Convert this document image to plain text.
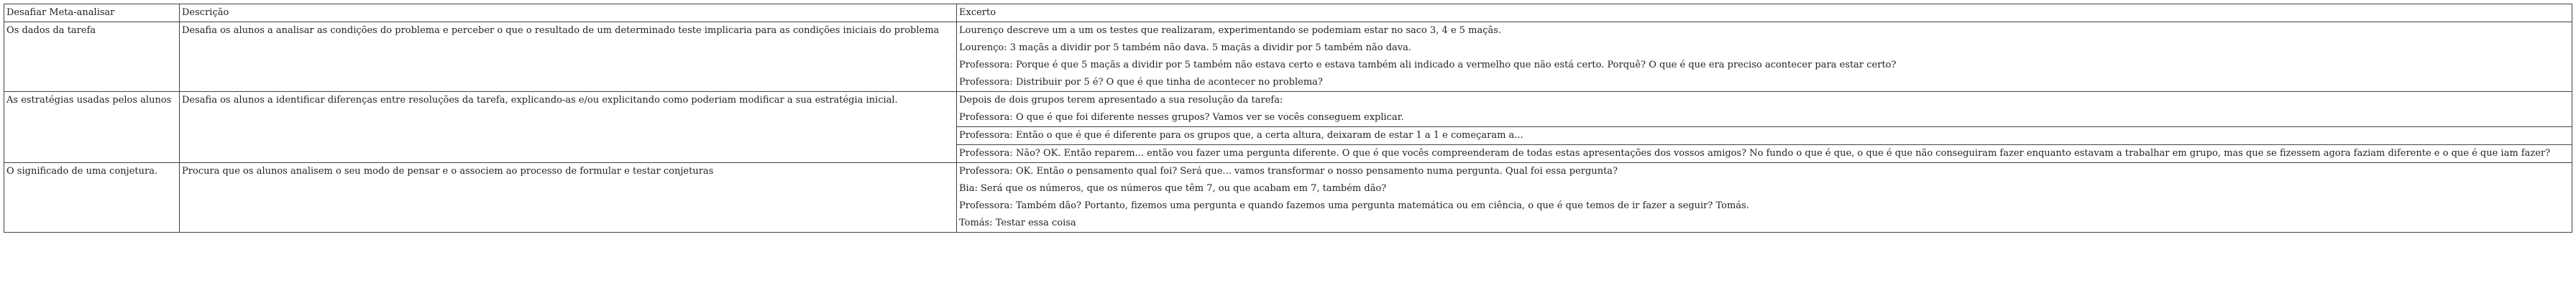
Desafiar Meta-analisar	Descrição	Excerto
Os dados da tarefa	Desafia os alunos a analisar as condições do problema e perceber o que o resultado de um determinado teste implicaria para as condições iniciais do problema	Lourenço descreve um a um os testes que realizaram, experimentando se podemiam estar no saco 3, 4 e 5 maçãs.
		Lourenço: 3 maçãs a dividir por 5 também não dava. 5 maçãs a dividir por 5 também não dava.
		Professora: Porque é que 5 maçãs a dividir por 5 também não estava certo e estava também ali indicado a vermelho que não está certo. Porquê? O que é que era preciso acontecer para estar certo?
		Professora: Distribuir por 5 é? O que é que tinha de acontecer no problema?
As estratégias usadas pelos alunos	Desafia os alunos a identificar diferenças entre resoluções da tarefa, explicando-as e/ou explicitando como poderiam modificar a sua estratégia inicial.	Depois de dois grupos terem apresentado a sua resolução da tarefa:
		Professora: O que é que foi diferente nesses grupos? Vamos ver se vocês conseguem explicar.
		Professora: Então o que é que é diferente para os grupos que, a certa altura, deixaram de estar 1 a 1 e começaram a...
		Professora: Não? OK. Então reparem... então vou fazer uma pergunta diferente. O que é que vocês compreenderam de todas estas apresentações dos vossos amigos? No fundo o que é que, o que é que não conseguiram fazer enquanto estavam a trabalhar em grupo, mas que se fizessem agora faziam diferente e o que é que iam fazer?
O significado de uma conjetura.	Procura que os alunos analisem o seu modo de pensar e o associem ao processo de formular e testar conjeturas	Professora: OK. Então o pensamento qual foi? Será que... vamos transformar o nosso pensamento numa pergunta. Qual foi essa pergunta?
		Bia: Será que os números, que os números que têm 7, ou que acabam em 7, também dão?
		Professora: Também dão? Portanto, fizemos uma pergunta e quando fazemos uma pergunta matemática ou em ciência, o que é que temos de ir fazer a seguir? Tomás.
		Tomás: Testar essa coisa
